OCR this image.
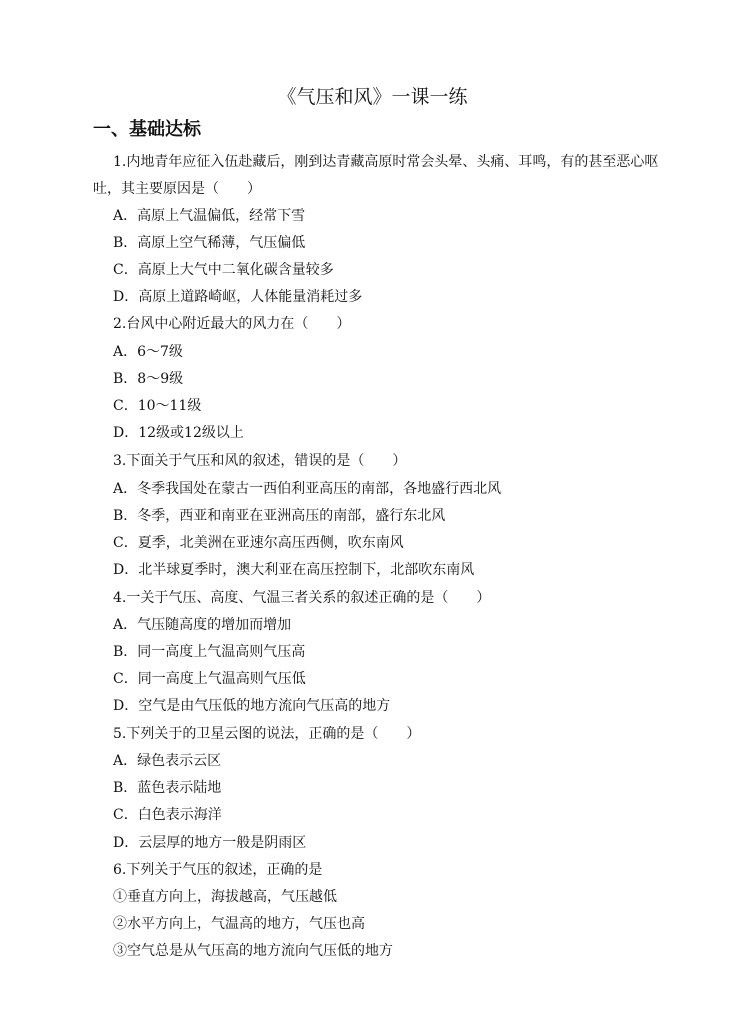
《气压和风》一课一练
一、基础达标
1.内地青年应征入伍赴藏后，刚到达青藏高原时常会头晕、头痛、耳鸣，有的甚至恶心呕
吐，其主要原因是（　　）
A．高原上气温偏低，经常下雪
B．高原上空气稀薄，气压偏低
C．高原上大气中二氧化碳含量较多
D．高原上道路崎岖，人体能量消耗过多
2.台风中心附近最大的风力在（　　）
A．6～7级
B．8～9级
C．10～11级
D．12级或12级以上
3.下面关于气压和风的叙述，错误的是（　　）
A．冬季我国处在蒙古一西伯利亚高压的南部，各地盛行西北风
B．冬季，西亚和南亚在亚洲高压的南部，盛行东北风
C．夏季，北美洲在亚速尔高压西侧，吹东南风
D．北半球夏季时，澳大利亚在高压控制下，北部吹东南风
4.一关于气压、高度、气温三者关系的叙述正确的是（　　）
A．气压随高度的增加而增加
B．同一高度上气温高则气压高
C．同一高度上气温高则气压低
D．空气是由气压低的地方流向气压高的地方
5.下列关于的卫星云图的说法，正确的是（　　）
A．绿色表示云区
B．蓝色表示陆地
C．白色表示海洋
D．云层厚的地方一般是阴雨区
6.下列关于气压的叙述，正确的是
①垂直方向上，海拔越高，气压越低
②水平方向上，气温高的地方，气压也高
③空气总是从气压高的地方流向气压低的地方
